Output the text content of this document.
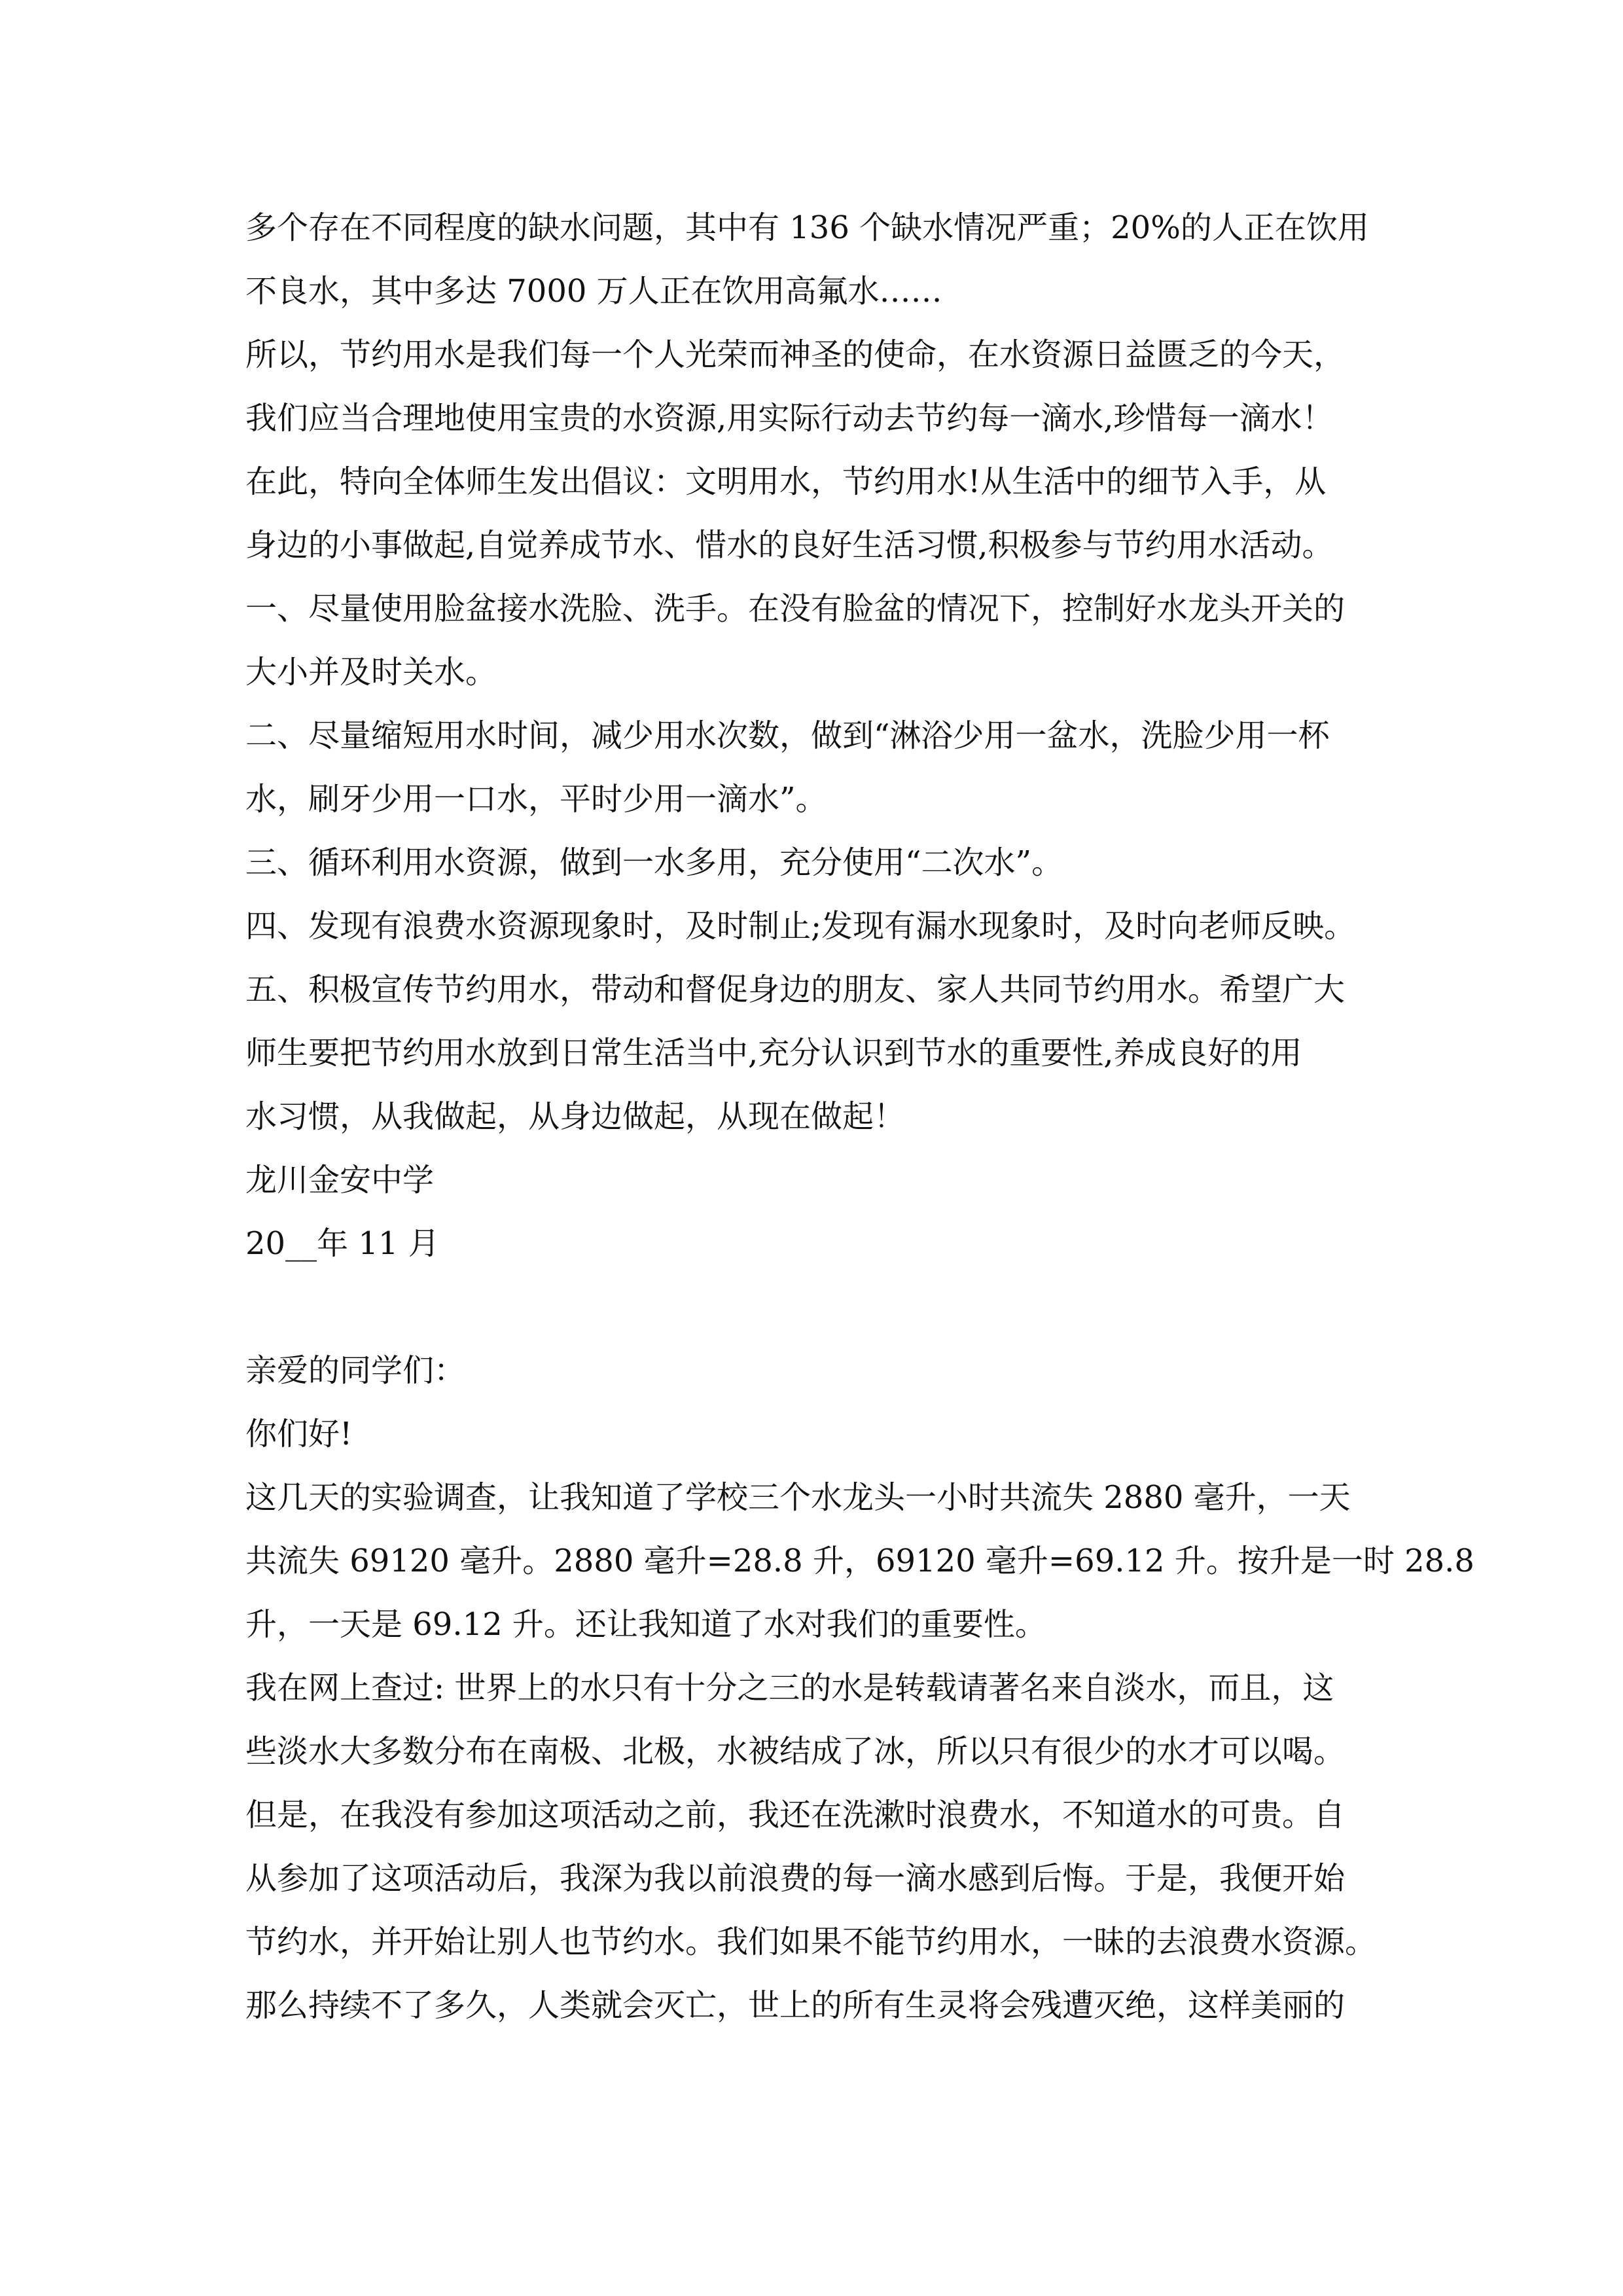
多个存在不同程度的缺水问题，其中有 136 个缺水情况严重；20%的人正在饮用
不良水，其中多达 7000 万人正在饮用高氟水……
所以，节约用水是我们每一个人光荣而神圣的使命，在水资源日益匮乏的今天，
我们应当合理地使用宝贵的水资源,用实际行动去节约每一滴水,珍惜每一滴水！
在此，特向全体师生发出倡议：文明用水，节约用水!从生活中的细节入手，从
身边的小事做起,自觉养成节水、惜水的良好生活习惯,积极参与节约用水活动。
一、尽量使用脸盆接水洗脸、洗手。在没有脸盆的情况下，控制好水龙头开关的
大小并及时关水。
二、尽量缩短用水时间，减少用水次数，做到“淋浴少用一盆水，洗脸少用一杯
水，刷牙少用一口水，平时少用一滴水”。
三、循环利用水资源，做到一水多用，充分使用“二次水”。
四、发现有浪费水资源现象时，及时制止;发现有漏水现象时，及时向老师反映。
五、积极宣传节约用水，带动和督促身边的朋友、家人共同节约用水。希望广大
师生要把节约用水放到日常生活当中,充分认识到节水的重要性,养成良好的用
水习惯，从我做起，从身边做起，从现在做起！
龙川金安中学
20__年 11 月
亲爱的同学们：
你们好!
这几天的实验调查，让我知道了学校三个水龙头一小时共流失 2880 毫升，一天
共流失 69120 毫升。2880 毫升=28.8 升，69120 毫升=69.12 升。按升是一时 28.8
升，一天是 69.12 升。还让我知道了水对我们的重要性。
我在网上查过: 世界上的水只有十分之三的水是转载请著名来自淡水，而且，这
些淡水大多数分布在南极、北极，水被结成了冰，所以只有很少的水才可以喝。
但是，在我没有参加这项活动之前，我还在洗漱时浪费水，不知道水的可贵。自
从参加了这项活动后，我深为我以前浪费的每一滴水感到后悔。于是，我便开始
节约水，并开始让别人也节约水。我们如果不能节约用水，一昧的去浪费水资源。
那么持续不了多久，人类就会灭亡，世上的所有生灵将会残遭灭绝，这样美丽的
